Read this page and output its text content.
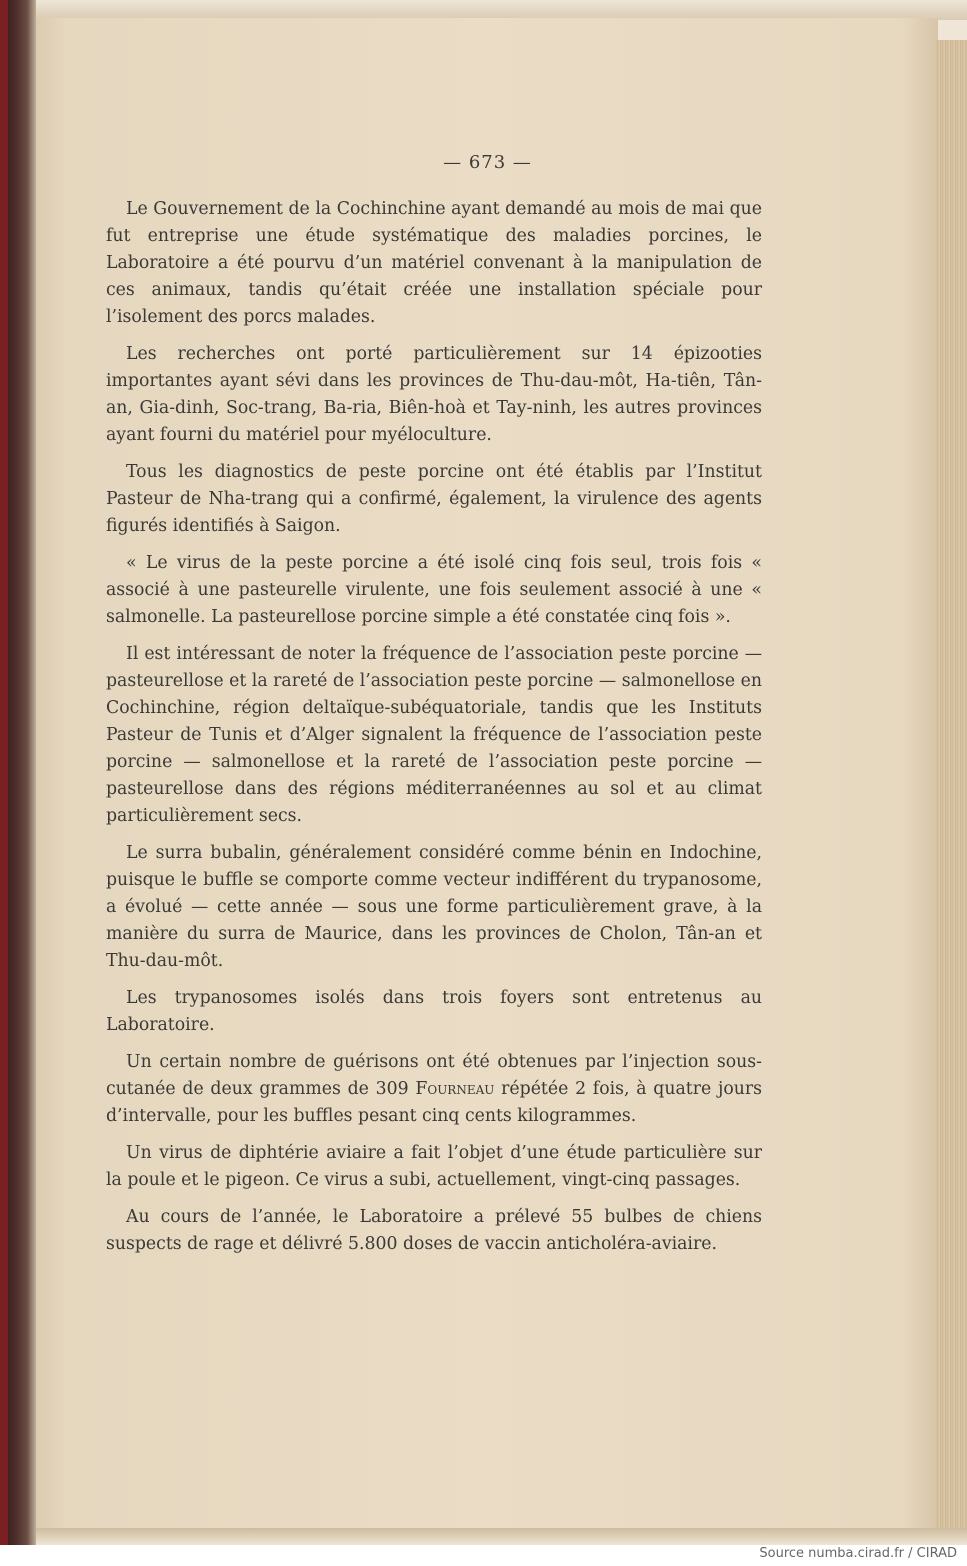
— 673 —

Le Gouvernement de la Cochinchine ayant demandé au mois de mai que fut entreprise une étude systématique des maladies porcines, le Laboratoire a été pourvu d’un matériel convenant à la manipulation de ces animaux, tandis qu’était créée une installation spéciale pour l’isolement des porcs malades.

Les recherches ont porté particulièrement sur 14 épizooties importantes ayant sévi dans les provinces de Thu-dau-môt, Ha-tiên, Tân-an, Gia-dinh, Soc-trang, Ba-ria, Biên-hoà et Tay-ninh, les autres provinces ayant fourni du matériel pour myéloculture.

Tous les diagnostics de peste porcine ont été établis par l’Institut Pasteur de Nha-trang qui a confirmé, également, la virulence des agents figurés identifiés à Saigon.

« Le virus de la peste porcine a été isolé cinq fois seul, trois fois « associé à une pasteurelle virulente, une fois seulement associé à une « salmonelle. La pasteurellose porcine simple a été constatée cinq fois ».

Il est intéressant de noter la fréquence de l’association peste porcine — pasteurellose et la rareté de l’association peste porcine — salmonellose en Cochinchine, région deltaïque-subéquatoriale, tandis que les Instituts Pasteur de Tunis et d’Alger signalent la fréquence de l’association peste porcine — salmonellose et la rareté de l’association peste porcine — pasteurellose dans des régions méditerranéennes au sol et au climat particulièrement secs.

Le surra bubalin, généralement considéré comme bénin en Indochine, puisque le buffle se comporte comme vecteur indifférent du trypanosome, a évolué — cette année — sous une forme particulièrement grave, à la manière du surra de Maurice, dans les provinces de Cholon, Tân-an et Thu-dau-môt.

Les trypanosomes isolés dans trois foyers sont entretenus au Laboratoire.

Un certain nombre de guérisons ont été obtenues par l’injection sous-cutanée de deux grammes de 309 Fourneau répétée 2 fois, à quatre jours d’intervalle, pour les buffles pesant cinq cents kilogrammes.

Un virus de diphtérie aviaire a fait l’objet d’une étude particulière sur la poule et le pigeon. Ce virus a subi, actuellement, vingt-cinq passages.

Au cours de l’année, le Laboratoire a prélevé 55 bulbes de chiens suspects de rage et délivré 5.800 doses de vaccin anticholéra-aviaire.

Source numba.cirad.fr / CIRAD
